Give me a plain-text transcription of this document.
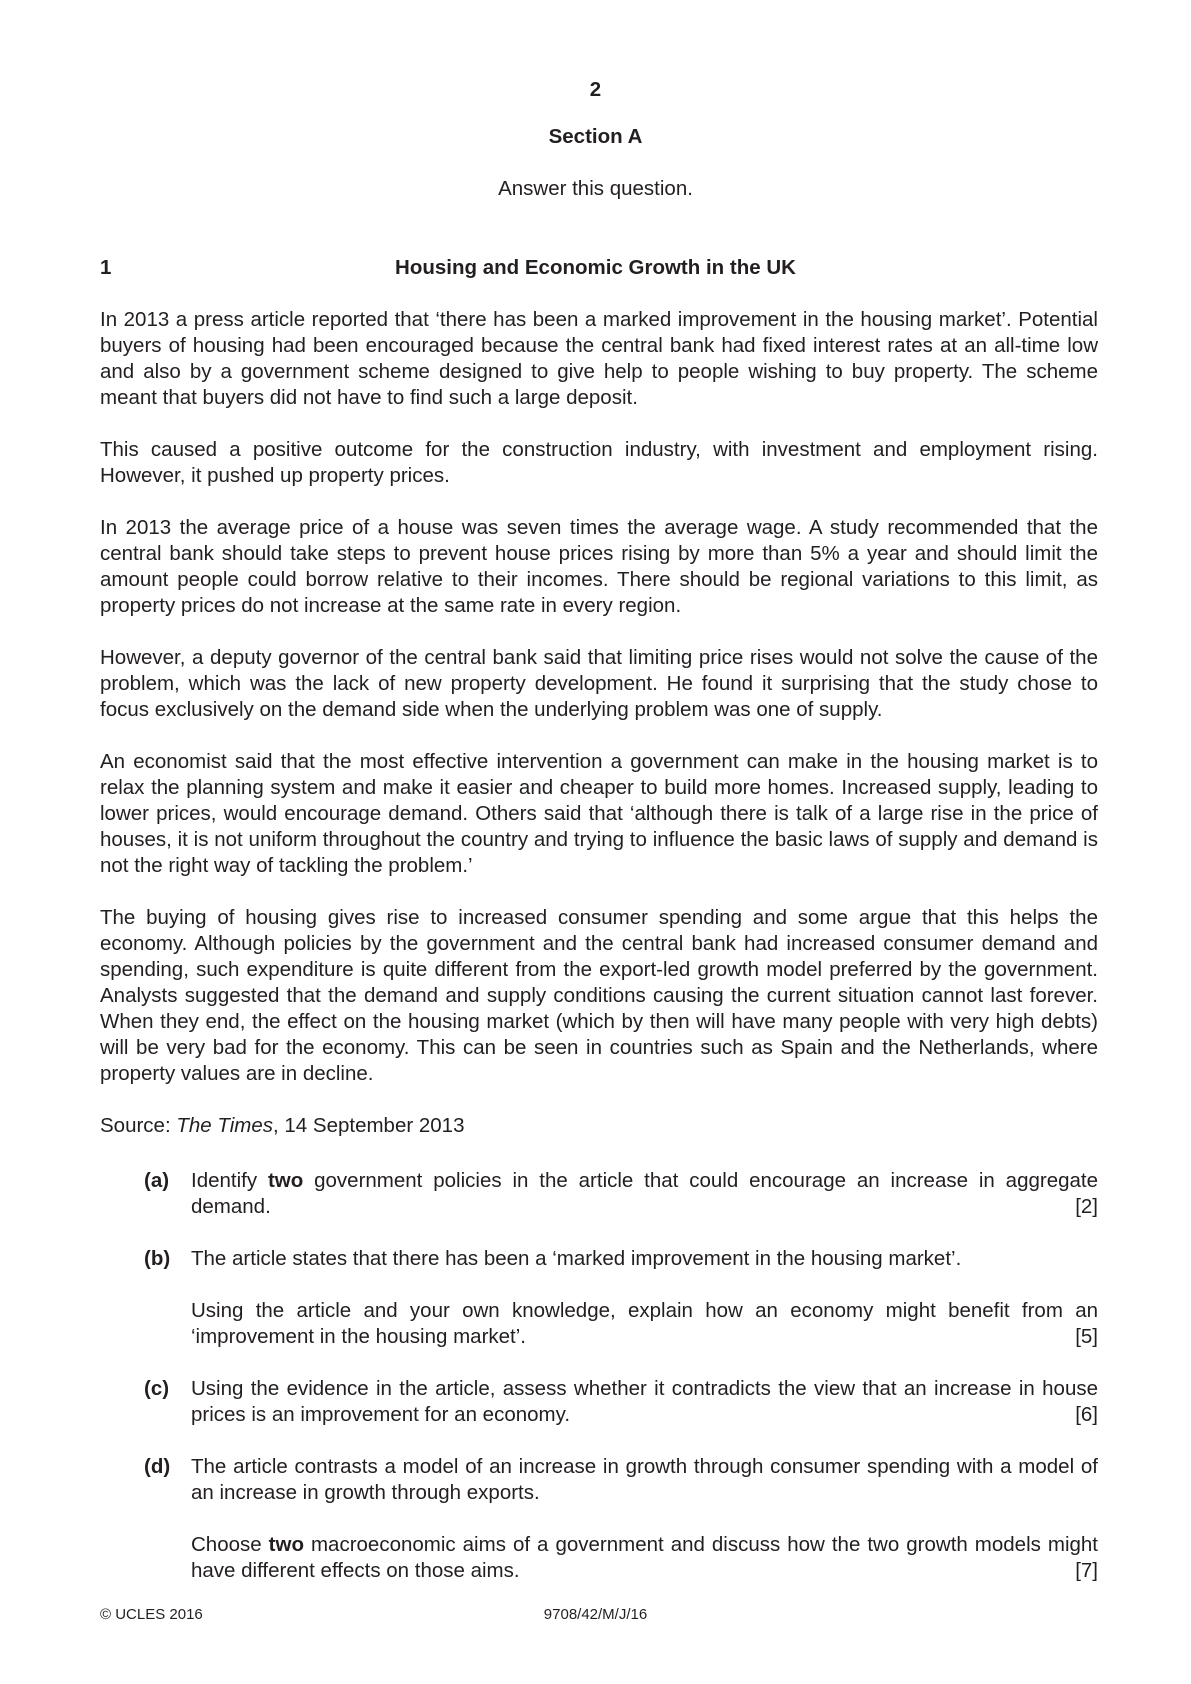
2
Section A
Answer this question.
1	Housing and Economic Growth in the UK

In 2013 a press article reported that ‘there has been a marked improvement in the housing market’. Potential buyers of housing had been encouraged because the central bank had fixed interest rates at an all-time low and also by a government scheme designed to give help to people wishing to buy property. The scheme meant that buyers did not have to find such a large deposit.

This caused a positive outcome for the construction industry, with investment and employment rising. However, it pushed up property prices.

In 2013 the average price of a house was seven times the average wage. A study recommended that the central bank should take steps to prevent house prices rising by more than 5% a year and should limit the amount people could borrow relative to their incomes. There should be regional variations to this limit, as property prices do not increase at the same rate in every region.

However, a deputy governor of the central bank said that limiting price rises would not solve the cause of the problem, which was the lack of new property development. He found it surprising that the study chose to focus exclusively on the demand side when the underlying problem was one of supply.

An economist said that the most effective intervention a government can make in the housing market is to relax the planning system and make it easier and cheaper to build more homes. Increased supply, leading to lower prices, would encourage demand. Others said that ‘although there is talk of a large rise in the price of houses, it is not uniform throughout the country and trying to influence the basic laws of supply and demand is not the right way of tackling the problem.’

The buying of housing gives rise to increased consumer spending and some argue that this helps the economy. Although policies by the government and the central bank had increased consumer demand and spending, such expenditure is quite different from the export-led growth model preferred by the government. Analysts suggested that the demand and supply conditions causing the current situation cannot last forever. When they end, the effect on the housing market (which by then will have many people with very high debts) will be very bad for the economy. This can be seen in countries such as Spain and the Netherlands, where property values are in decline.

Source: The Times, 14 September 2013

(a) Identify two government policies in the article that could encourage an increase in aggregate demand.	[2]

(b) The article states that there has been a ‘marked improvement in the housing market’.

Using the article and your own knowledge, explain how an economy might benefit from an ‘improvement in the housing market’.	[5]

(c) Using the evidence in the article, assess whether it contradicts the view that an increase in house prices is an improvement for an economy.	[6]

(d) The article contrasts a model of an increase in growth through consumer spending with a model of an increase in growth through exports.

Choose two macroeconomic aims of a government and discuss how the two growth models might have different effects on those aims.	[7]

© UCLES 2016	9708/42/M/J/16
